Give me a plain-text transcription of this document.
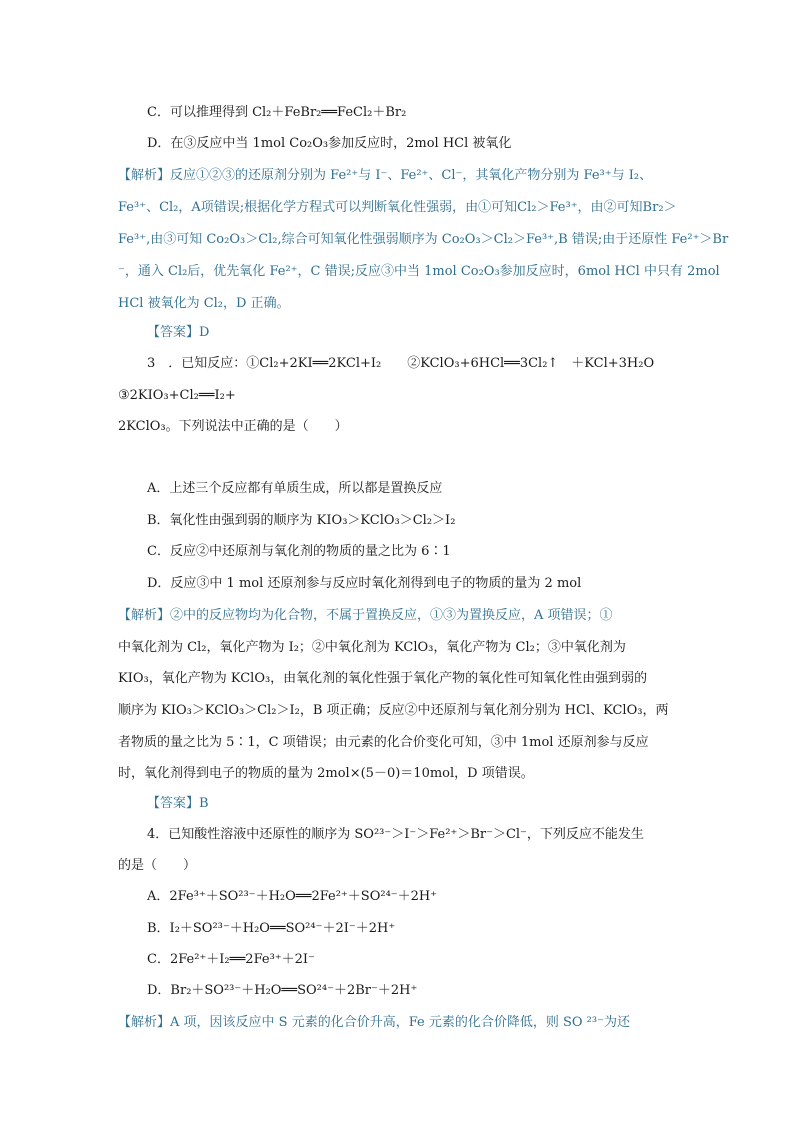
C．可以推理得到 Cl₂＋FeBr₂══FeCl₂＋Br₂
D．在③反应中当 1mol Co₂O₃参加反应时，2mol HCl 被氧化
【解析】反应①②③的还原剂分别为 Fe²⁺与 I⁻、Fe²⁺、Cl⁻，其氧化产物分别为 Fe³⁺与 I₂、
Fe³⁺、Cl₂，A项错误;根据化学方程式可以判断氧化性强弱，由①可知Cl₂＞Fe³⁺，由②可知Br₂＞
Fe³⁺,由③可知 Co₂O₃＞Cl₂,综合可知氧化性强弱顺序为 Co₂O₃＞Cl₂＞Fe³⁺,B 错误;由于还原性 Fe²⁺＞Br
⁻，通入 Cl₂后，优先氧化 Fe²⁺，C 错误;反应③中当 1mol Co₂O₃参加反应时，6mol HCl 中只有 2mol
HCl 被氧化为 Cl₂，D 正确。
【答案】D
3　．已知反应：①Cl₂+2KI══2KCl+I₂　　②KClO₃+6HCl══3Cl₂↑　＋KCl+3H₂O
③2KIO₃+Cl₂══I₂+
2KClO₃。下列说法中正确的是（　　）
A．上述三个反应都有单质生成，所以都是置换反应
B．氧化性由强到弱的顺序为 KIO₃＞KClO₃＞Cl₂＞I₂
C．反应②中还原剂与氧化剂的物质的量之比为 6∶1
D．反应③中 1 mol 还原剂参与反应时氧化剂得到电子的物质的量为 2 mol
【解析】②中的反应物均为化合物，不属于置换反应，①③为置换反应，A 项错误；①
中氧化剂为 Cl₂，氧化产物为 I₂；②中氧化剂为 KClO₃，氧化产物为 Cl₂；③中氧化剂为
KIO₃，氧化产物为 KClO₃，由氧化剂的氧化性强于氧化产物的氧化性可知氧化性由强到弱的
顺序为 KIO₃＞KClO₃＞Cl₂＞I₂，B 项正确；反应②中还原剂与氧化剂分别为 HCl、KClO₃，两
者物质的量之比为 5∶1，C 项错误；由元素的化合价变化可知，③中 1mol 还原剂参与反应
时，氧化剂得到电子的物质的量为 2mol×(5－0)＝10mol，D 项错误。
【答案】B
4．已知酸性溶液中还原性的顺序为 SO²³⁻＞I⁻＞Fe²⁺＞Br⁻＞Cl⁻，下列反应不能发生
的是（　　）
A．2Fe³⁺＋SO²³⁻＋H₂O══2Fe²⁺＋SO²⁴⁻＋2H⁺
B．I₂＋SO²³⁻＋H₂O══SO²⁴⁻＋2I⁻＋2H⁺
C．2Fe²⁺＋I₂══2Fe³⁺＋2I⁻
D．Br₂＋SO²³⁻＋H₂O══SO²⁴⁻＋2Br⁻＋2H⁺
【解析】A 项，因该反应中 S 元素的化合价升高，Fe 元素的化合价降低，则 SO ²³⁻为还
